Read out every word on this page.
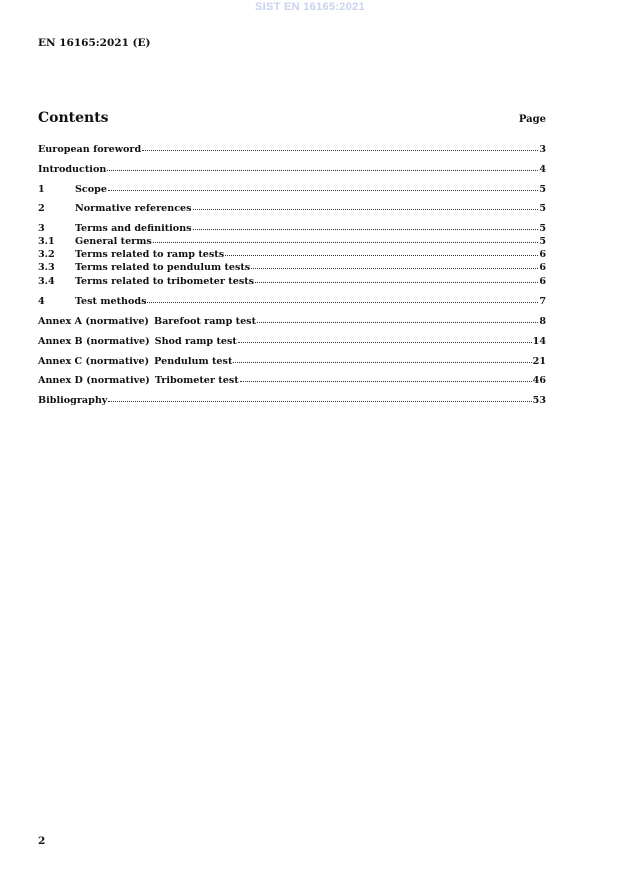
SIST EN 16165:2021
EN 16165:2021 (E)
Contents	Page
European foreword	3
Introduction	4
1	Scope	5
2	Normative references	5
3	Terms and definitions	5
3.1	General terms	5
3.2	Terms related to ramp tests	6
3.3	Terms related to pendulum tests	6
3.4	Terms related to tribometer tests	6
4	Test methods	7
Annex A (normative) Barefoot ramp test	8
Annex B (normative) Shod ramp test	14
Annex C (normative) Pendulum test	21
Annex D (normative) Tribometer test	46
Bibliography	53
2
